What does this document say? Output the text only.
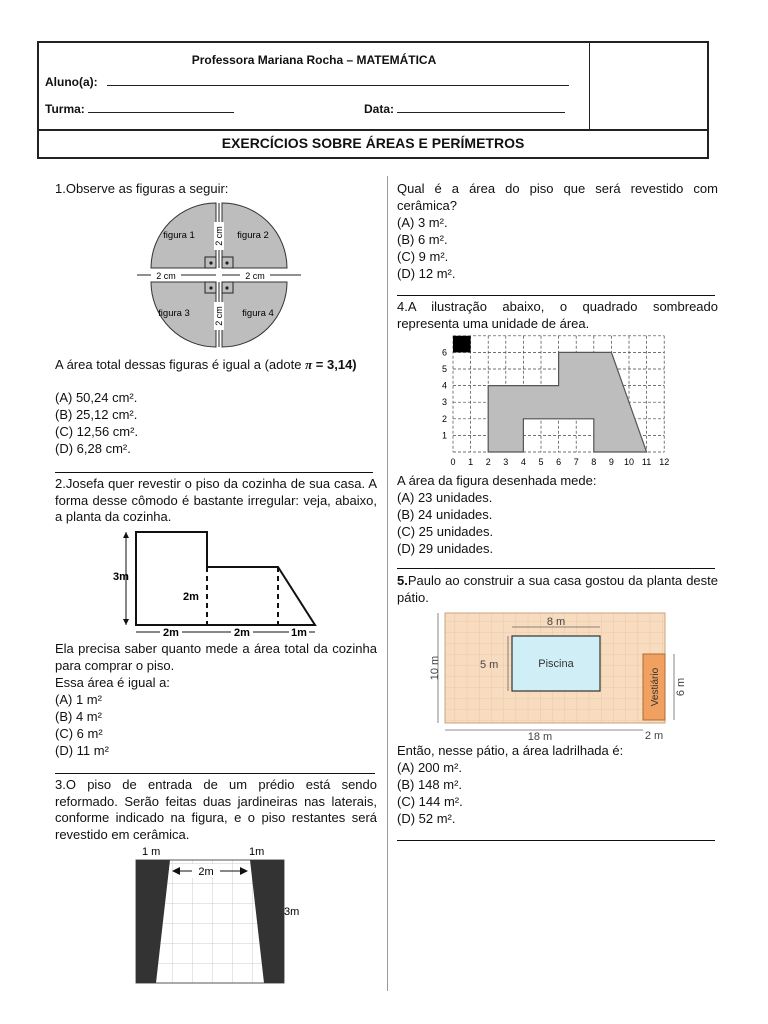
Professora Mariana Rocha – MATEMÁTICA
Aluno(a):
Turma:	Data:
EXERCÍCIOS SOBRE ÁREAS E PERÍMETROS
1.Observe as figuras a seguir:
2 cm	2 cm
2 cm
2 cm
figura 1	figura 2
figura 3	figura 4
A área total dessas figuras é igual a (adote π = 3,14)
(A) 50,24 cm².
(B) 25,12 cm².
(C) 12,56 cm².
(D) 6,28 cm².
2.Josefa quer revestir o piso da cozinha de sua casa. A forma desse cômodo é bastante irregular: veja, abaixo, a planta da cozinha.
3m
2m
2m	2m	1m
Ela precisa saber quanto mede a área total da cozinha para comprar o piso.
Essa área é igual a:
(A) 1 m²
(B) 4 m²
(C) 6 m²
(D) 11 m²
3.O piso de entrada de um prédio está sendo reformado. Serão feitas duas jardineiras nas laterais, conforme indicado na figura, e o piso restantes será revestido em cerâmica.
1 m	1m
2m
3m
Qual é a área do piso que será revestido com cerâmica?
(A) 3 m².
(B) 6 m².
(C) 9 m².
(D) 12 m².
4.A ilustração abaixo, o quadrado sombreado representa uma unidade de área.
0 1 2 3 4 5 6 7 8 9 10 11 12
1
2
3
4
5
6
A área da figura desenhada mede:
(A) 23 unidades.
(B) 24 unidades.
(C) 25 unidades.
(D) 29 unidades.
5.Paulo ao construir a sua casa gostou da planta deste pátio.
Piscina
Vestiário
8 m
5 m
10 m
18 m	2 m
6 m
Então, nesse pátio, a área ladrilhada é:
(A) 200 m².
(B) 148 m².
(C) 144 m².
(D) 52 m².
